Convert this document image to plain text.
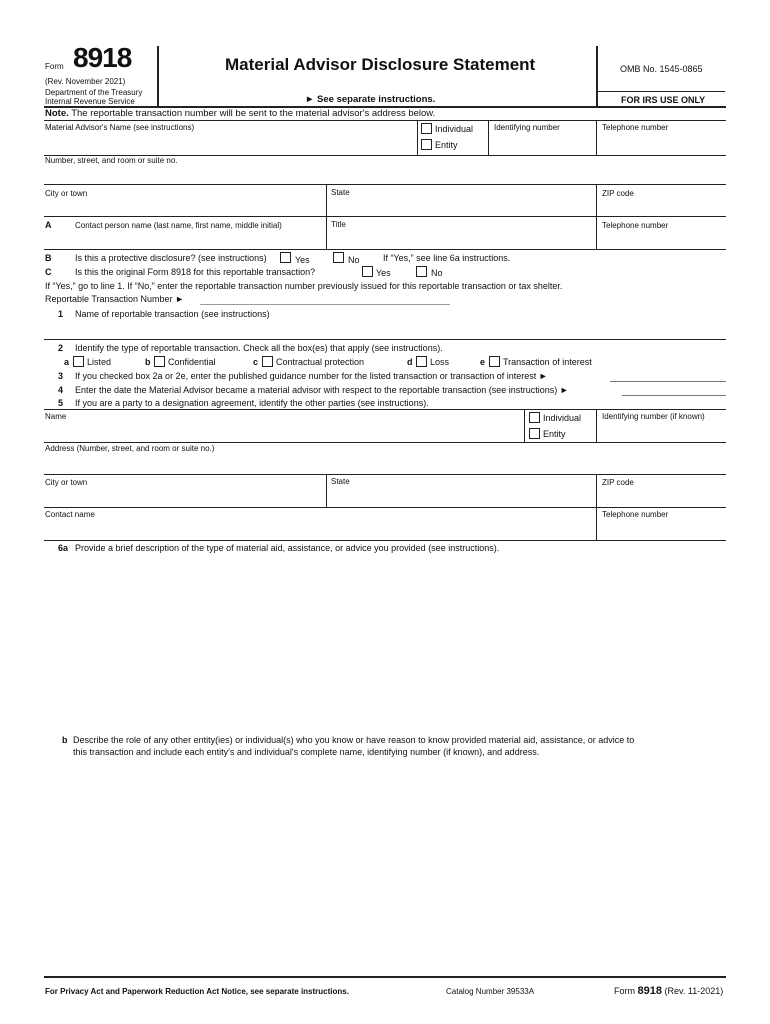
Form 8918
(Rev. November 2021)
Department of the Treasury
Internal Revenue Service
Material Advisor Disclosure Statement
► See separate instructions.
OMB No. 1545-0865
FOR IRS USE ONLY
Note. The reportable transaction number will be sent to the material advisor's address below.
Material Advisor's Name (see instructions)	Individual
Entity
Identifying number	Telephone number
Number, street, and room or suite no.
City or town	State	ZIP code
A	Contact person name (last name, first name, middle initial)	Title	Telephone number
B	Is this a protective disclosure? (see instructions)	Yes	No	If “Yes,” see line 6a instructions.
C	Is this the original Form 8918 for this reportable transaction?	Yes	No
If “Yes,” go to line 1. If “No,” enter the reportable transaction number previously issued for this reportable transaction or tax shelter.
Reportable Transaction Number ►
1 Name of reportable transaction (see instructions)
2 Identify the type of reportable transaction. Check all the box(es) that apply (see instructions).
a Listed	b Confidential	c Contractual protection	d Loss	e Transaction of interest
3 If you checked box 2a or 2e, enter the published guidance number for the listed transaction or transaction of interest ►
4 Enter the date the Material Advisor became a material advisor with respect to the reportable transaction (see instructions) ►
5 If you are a party to a designation agreement, identify the other parties (see instructions).
Name	Individual
Entity
Identifying number (if known)
Address (Number, street, and room or suite no.)
City or town	State	ZIP code
Contact name	Telephone number
6a Provide a brief description of the type of material aid, assistance, or advice you provided (see instructions).
b Describe the role of any other entity(ies) or individual(s) who you know or have reason to know provided material aid, assistance, or advice to
this transaction and include each entity's and individual's complete name, identifying number (if known), and address.
For Privacy Act and Paperwork Reduction Act Notice, see separate instructions.	Catalog Number 39533A	Form 8918 (Rev. 11-2021)
